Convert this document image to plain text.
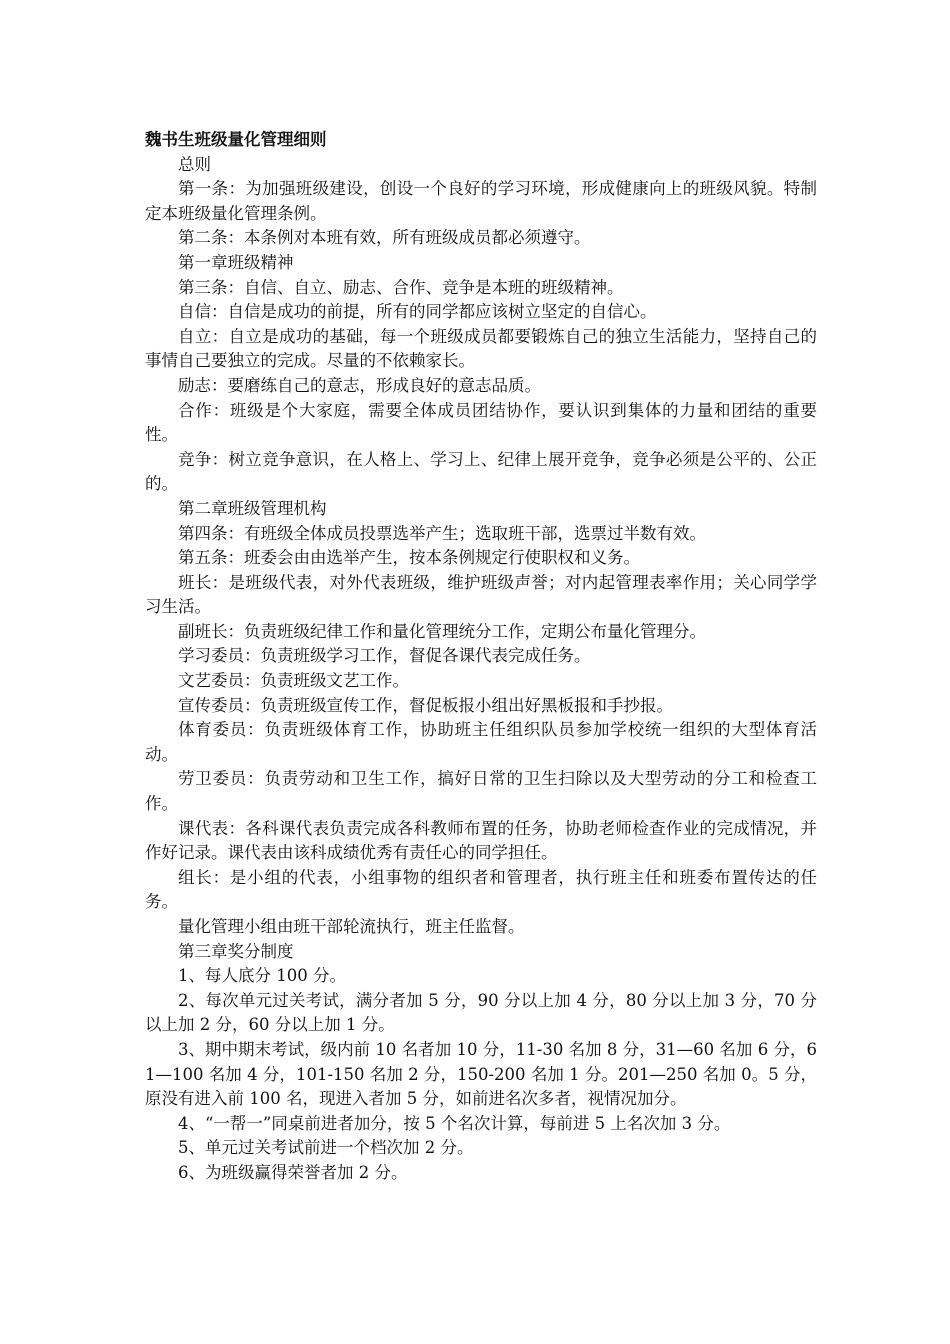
魏书生班级量化管理细则

总则

第一条：为加强班级建设，创设一个良好的学习环境，形成健康向上的班级风貌。特制定本班级量化管理条例。

第二条：本条例对本班有效，所有班级成员都必须遵守。

第一章班级精神

第三条：自信、自立、励志、合作、竞争是本班的班级精神。

自信：自信是成功的前提，所有的同学都应该树立坚定的自信心。

自立：自立是成功的基础，每一个班级成员都要锻炼自己的独立生活能力，坚持自己的事情自己要独立的完成。尽量的不依赖家长。

励志：要磨练自己的意志，形成良好的意志品质。

合作：班级是个大家庭，需要全体成员团结协作，要认识到集体的力量和团结的重要性。

竞争：树立竞争意识，在人格上、学习上、纪律上展开竞争，竞争必须是公平的、公正的。

第二章班级管理机构

第四条：有班级全体成员投票选举产生；选取班干部，选票过半数有效。

第五条：班委会由由选举产生，按本条例规定行使职权和义务。

班长：是班级代表，对外代表班级，维护班级声誉；对内起管理表率作用；关心同学学习生活。

副班长：负责班级纪律工作和量化管理统分工作，定期公布量化管理分。

学习委员：负责班级学习工作，督促各课代表完成任务。

文艺委员：负责班级文艺工作。

宣传委员：负责班级宣传工作，督促板报小组出好黑板报和手抄报。

体育委员：负责班级体育工作，协助班主任组织队员参加学校统一组织的大型体育活动。

劳卫委员：负责劳动和卫生工作，搞好日常的卫生扫除以及大型劳动的分工和检查工作。

课代表：各科课代表负责完成各科教师布置的任务，协助老师检查作业的完成情况，并作好记录。课代表由该科成绩优秀有责任心的同学担任。

组长：是小组的代表，小组事物的组织者和管理者，执行班主任和班委布置传达的任务。

量化管理小组由班干部轮流执行，班主任监督。

第三章奖分制度

1、每人底分 100 分。

2、每次单元过关考试，满分者加 5 分，90 分以上加 4 分，80 分以上加 3 分，70 分以上加 2 分，60 分以上加 1 分。

3、期中期末考试，级内前 10 名者加 10 分，11-30 名加 8 分，31—60 名加 6 分，61—100 名加 4 分，101-150 名加 2 分，150-200 名加 1 分。201—250 名加 0。5 分，原没有进入前 100 名，现进入者加 5 分，如前进名次多者，视情况加分。

4、“一帮一”同桌前进者加分，按 5 个名次计算，每前进 5 上名次加 3 分。

5、单元过关考试前进一个档次加 2 分。

6、为班级赢得荣誉者加 2 分。
